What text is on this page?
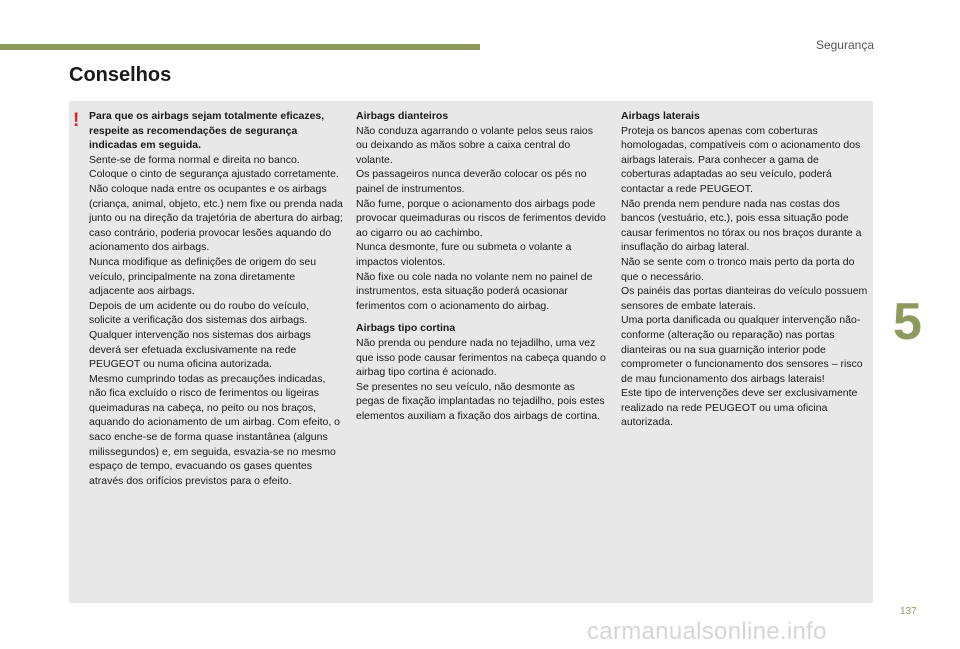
Segurança
Conselhos
! Para que os airbags sejam totalmente eficazes, respeite as recomendações de segurança indicadas em seguida.

Sente-se de forma normal e direita no banco.

Coloque o cinto de segurança ajustado corretamente.

Não coloque nada entre os ocupantes e os airbags (criança, animal, objeto, etc.) nem fixe ou prenda nada junto ou na direção da trajetória de abertura do airbag; caso contrário, poderia provocar lesões aquando do acionamento dos airbags.

Nunca modifique as definições de origem do seu veículo, principalmente na zona diretamente adjacente aos airbags.

Depois de um acidente ou do roubo do veículo, solicite a verificação dos sistemas dos airbags.

Qualquer intervenção nos sistemas dos airbags deverá ser efetuada exclusivamente na rede PEUGEOT ou numa oficina autorizada.

Mesmo cumprindo todas as precauções indicadas, não fica excluído o risco de ferimentos ou ligeiras queimaduras na cabeça, no peito ou nos braços, aquando do acionamento de um airbag. Com efeito, o saco enche-se de forma quase instantânea (alguns milissegundos) e, em seguida, esvazia-se no mesmo espaço de tempo, evacuando os gases quentes através dos orifícios previstos para o efeito.

Airbags dianteiros

Não conduza agarrando o volante pelos seus raios ou deixando as mãos sobre a caixa central do volante.

Os passageiros nunca deverão colocar os pés no painel de instrumentos.

Não fume, porque o acionamento dos airbags pode provocar queimaduras ou riscos de ferimentos devido ao cigarro ou ao cachimbo.

Nunca desmonte, fure ou submeta o volante a impactos violentos.

Não fixe ou cole nada no volante nem no painel de instrumentos, esta situação poderá ocasionar ferimentos com o acionamento do airbag.

Airbags tipo cortina

Não prenda ou pendure nada no tejadilho, uma vez que isso pode causar ferimentos na cabeça quando o airbag tipo cortina é acionado.

Se presentes no seu veículo, não desmonte as pegas de fixação implantadas no tejadilho, pois estes elementos auxiliam a fixação dos airbags de cortina.

Airbags laterais

Proteja os bancos apenas com coberturas homologadas, compatíveis com o acionamento dos airbags laterais. Para conhecer a gama de coberturas adaptadas ao seu veículo, poderá contactar a rede PEUGEOT.

Não prenda nem pendure nada nas costas dos bancos (vestuário, etc.), pois essa situação pode causar ferimentos no tórax ou nos braços durante a insuflação do airbag lateral.

Não se sente com o tronco mais perto da porta do que o necessário.

Os painéis das portas dianteiras do veículo possuem sensores de embate laterais.

Uma porta danificada ou qualquer intervenção não-conforme (alteração ou reparação) nas portas dianteiras ou na sua guarnição interior pode comprometer o funcionamento dos sensores – risco de mau funcionamento dos airbags laterais!

Este tipo de intervenções deve ser exclusivamente realizado na rede PEUGEOT ou uma oficina autorizada.

5
137
carmanualsonline.info
